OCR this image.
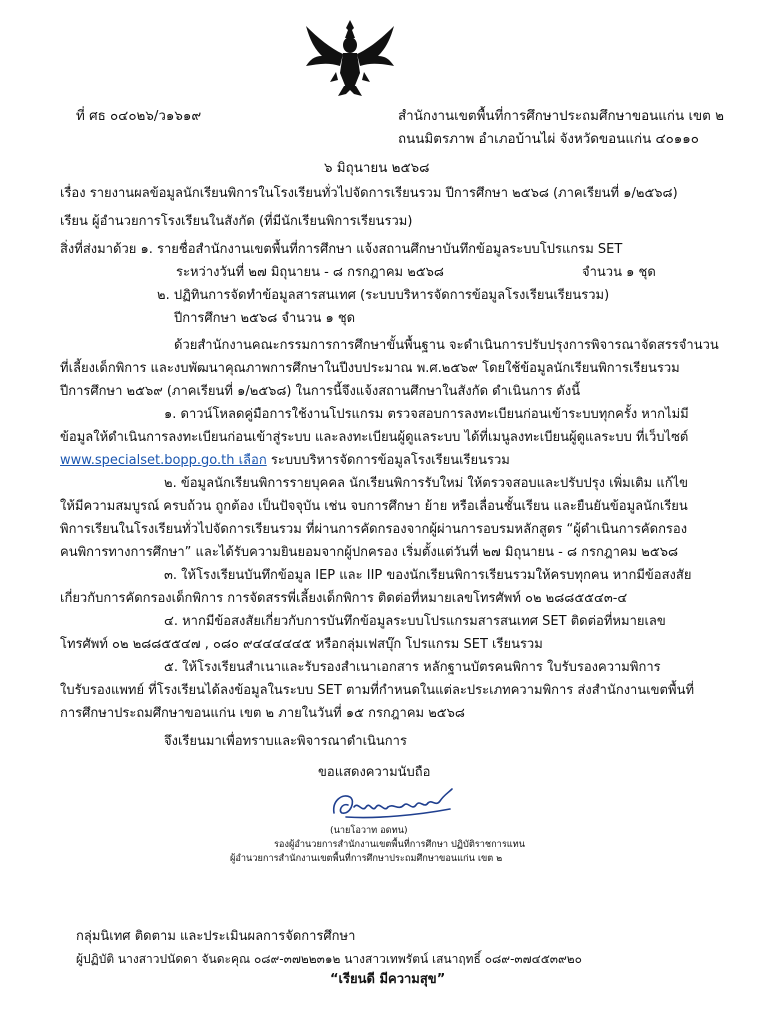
ที่ ศธ ๐๔๐๒๖/ว๑๖๑๙	สำนักงานเขตพื้นที่การศึกษาประถมศึกษาขอนแก่น เขต ๒
ถนนมิตรภาพ อำเภอบ้านไผ่ จังหวัดขอนแก่น ๔๐๑๑๐
๖ มิถุนายน ๒๕๖๘
เรื่อง รายงานผลข้อมูลนักเรียนพิการในโรงเรียนทั่วไปจัดการเรียนรวม ปีการศึกษา ๒๕๖๘ (ภาคเรียนที่ ๑/๒๕๖๘)
เรียน ผู้อำนวยการโรงเรียนในสังกัด (ที่มีนักเรียนพิการเรียนรวม)
สิ่งที่ส่งมาด้วย ๑. รายชื่อสำนักงานเขตพื้นที่การศึกษา แจ้งสถานศึกษาบันทึกข้อมูลระบบโปรแกรม SET
ระหว่างวันที่ ๒๗ มิถุนายน - ๘ กรกฎาคม ๒๕๖๘	จำนวน ๑ ชุด
๒. ปฏิทินการจัดทำข้อมูลสารสนเทศ (ระบบบริหารจัดการข้อมูลโรงเรียนเรียนรวม)
ปีการศึกษา ๒๕๖๘ จำนวน ๑ ชุด
ด้วยสำนักงานคณะกรรมการการศึกษาขั้นพื้นฐาน จะดำเนินการปรับปรุงการพิจารณาจัดสรรจำนวน
ที่เลี้ยงเด็กพิการ และงบพัฒนาคุณภาพการศึกษาในปีงบประมาณ พ.ศ.๒๕๖๙ โดยใช้ข้อมูลนักเรียนพิการเรียนรวม
ปีการศึกษา ๒๕๖๙ (ภาคเรียนที่ ๑/๒๕๖๘) ในการนี้จึงแจ้งสถานศึกษาในสังกัด ดำเนินการ ดังนี้
๑. ดาวน์โหลดคู่มือการใช้งานโปรแกรม ตรวจสอบการลงทะเบียนก่อนเข้าระบบทุกครั้ง หากไม่มี
ข้อมูลให้ดำเนินการลงทะเบียนก่อนเข้าสู่ระบบ และลงทะเบียนผู้ดูแลระบบ ได้ที่เมนูลงทะเบียนผู้ดูแลระบบ ที่เว็บไซต์
www.specialset.bopp.go.th เลือก ระบบบริหารจัดการข้อมูลโรงเรียนเรียนรวม
๒. ข้อมูลนักเรียนพิการรายบุคคล นักเรียนพิการรับใหม่ ให้ตรวจสอบและปรับปรุง เพิ่มเติม แก้ไข
ให้มีความสมบูรณ์ ครบถ้วน ถูกต้อง เป็นปัจจุบัน เช่น จบการศึกษา ย้าย หรือเลื่อนชั้นเรียน และยืนยันข้อมูลนักเรียน
พิการเรียนในโรงเรียนทั่วไปจัดการเรียนรวม ที่ผ่านการคัดกรองจากผู้ผ่านการอบรมหลักสูตร “ผู้ดำเนินการคัดกรอง
คนพิการทางการศึกษา” และได้รับความยินยอมจากผู้ปกครอง เริ่มตั้งแต่วันที่ ๒๗ มิถุนายน - ๘ กรกฎาคม ๒๕๖๘
๓. ให้โรงเรียนบันทึกข้อมูล IEP และ IIP ของนักเรียนพิการเรียนรวมให้ครบทุกคน หากมีข้อสงสัย
เกี่ยวกับการคัดกรองเด็กพิการ การจัดสรรพี่เลี้ยงเด็กพิการ ติดต่อที่หมายเลขโทรศัพท์ ๐๒ ๒๘๘๕๕๔๓-๔
๔. หากมีข้อสงสัยเกี่ยวกับการบันทึกข้อมูลระบบโปรแกรมสารสนเทศ SET ติดต่อที่หมายเลข
โทรศัพท์ ๐๒ ๒๘๘๕๕๔๗ , ๐๘๐ ๙๔๔๔๔๔๕ หรือกลุ่มเฟสบุ๊ก โปรแกรม SET เรียนรวม
๕. ให้โรงเรียนสำเนาและรับรองสำเนาเอกสาร หลักฐานบัตรคนพิการ ใบรับรองความพิการ
ใบรับรองแพทย์ ที่โรงเรียนได้ลงข้อมูลในระบบ SET ตามที่กำหนดในแต่ละประเภทความพิการ ส่งสำนักงานเขตพื้นที่
การศึกษาประถมศึกษาขอนแก่น เขต ๒ ภายในวันที่ ๑๕ กรกฎาคม ๒๕๖๘
จึงเรียนมาเพื่อทราบและพิจารณาดำเนินการ
ขอแสดงความนับถือ
(นายโอวาท อดทน)
รองผู้อำนวยการสำนักงานเขตพื้นที่การศึกษา ปฏิบัติราชการแทน
ผู้อำนวยการสำนักงานเขตพื้นที่การศึกษาประถมศึกษาขอนแก่น เขต ๒
กลุ่มนิเทศ ติดตาม และประเมินผลการจัดการศึกษา
ผู้ปฏิบัติ นางสาวปนัดดา จันดะคุณ ๐๘๙-๓๗๒๒๓๑๒ นางสาวเทพรัตน์ เสนาฤทธิ์ ๐๘๙-๓๗๔๕๓๙๒๐
“เรียนดี มีความสุข”
